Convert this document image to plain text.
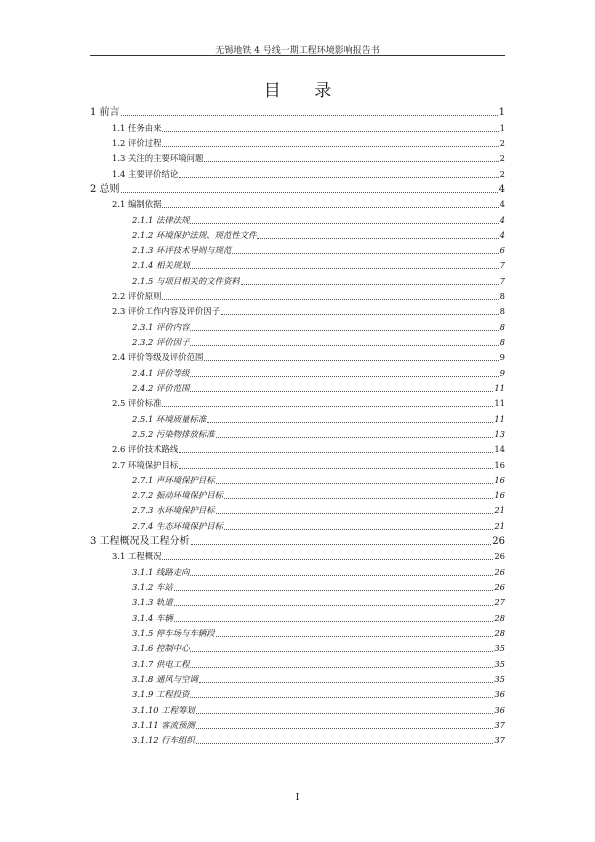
无锡地铁 4 号线一期工程环境影响报告书
目 录
1 前言	1
1.1 任务由来	1
1.2 评价过程	2
1.3 关注的主要环境问题	2
1.4 主要评价结论	2
2 总则	4
2.1 编制依据	4
2.1.1 法律法规	4
2.1.2 环境保护法规、规范性文件	4
2.1.3 环评技术导则与规范	6
2.1.4 相关规划	7
2.1.5 与项目相关的文件资料	7
2.2 评价原则	8
2.3 评价工作内容及评价因子	8
2.3.1 评价内容	8
2.3.2 评价因子	8
2.4 评价等级及评价范围	9
2.4.1 评价等级	9
2.4.2 评价范围	11
2.5 评价标准	11
2.5.1 环境质量标准	11
2.5.2 污染物排放标准	13
2.6 评价技术路线	14
2.7 环境保护目标	16
2.7.1 声环境保护目标	16
2.7.2 振动环境保护目标	16
2.7.3 水环境保护目标	21
2.7.4 生态环境保护目标	21
3 工程概况及工程分析	26
3.1 工程概况	26
3.1.1 线路走向	26
3.1.2 车站	26
3.1.3 轨道	27
3.1.4 车辆	28
3.1.5 停车场与车辆段	28
3.1.6 控制中心	35
3.1.7 供电工程	35
3.1.8 通风与空调	35
3.1.9 工程投资	36
3.1.10 工程筹划	36
3.1.11 客流预测	37
3.1.12 行车组织	37
I
